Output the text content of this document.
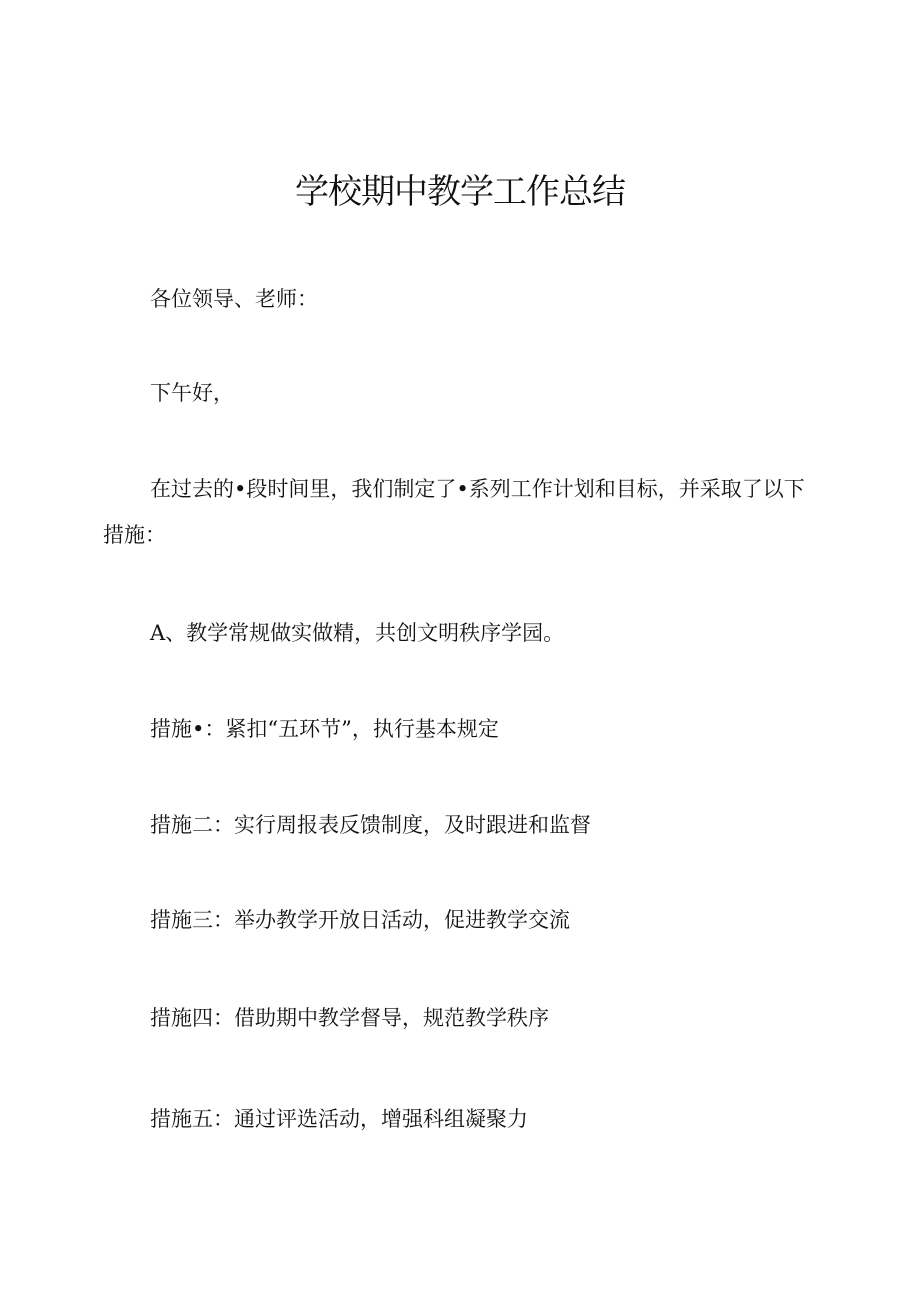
学校期中教学工作总结
各位领导、老师：
下午好，
在过去的•段时间里，我们制定了•系列工作计划和目标，并采取了以下措施：
A、教学常规做实做精，共创文明秩序学园。
措施•：紧扣“五环节”，执行基本规定
措施二：实行周报表反馈制度，及时跟进和监督
措施三：举办教学开放日活动，促进教学交流
措施四：借助期中教学督导，规范教学秩序
措施五：通过评选活动，增强科组凝聚力
